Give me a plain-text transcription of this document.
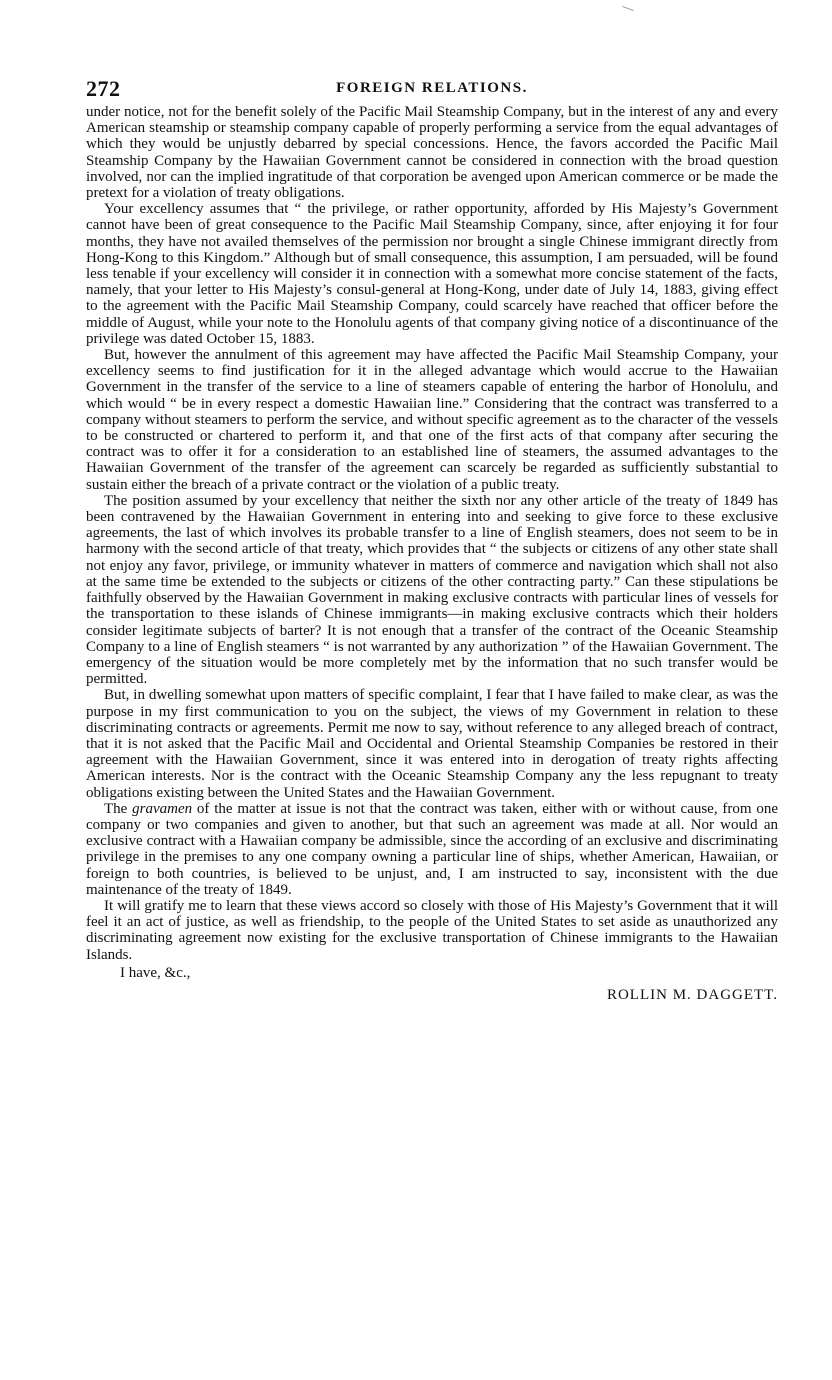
272	FOREIGN RELATIONS.

under notice, not for the benefit solely of the Pacific Mail Steamship Company, but in the interest of any and every American steamship or steamship company capable of properly performing a service from the equal advantages of which they would be unjustly debarred by special concessions. Hence, the favors accorded the Pacific Mail Steamship Company by the Hawaiian Government cannot be considered in connection with the broad question involved, nor can the implied ingratitude of that corporation be avenged upon American commerce or be made the pretext for a violation of treaty obligations.

Your excellency assumes that “ the privilege, or rather opportunity, afforded by His Majesty’s Government cannot have been of great consequence to the Pacific Mail Steamship Company, since, after enjoying it for four months, they have not availed themselves of the permission nor brought a single Chinese immigrant directly from Hong-Kong to this Kingdom.” Although but of small consequence, this assumption, I am persuaded, will be found less tenable if your excellency will consider it in connection with a somewhat more concise statement of the facts, namely, that your letter to His Majesty’s consul-general at Hong-Kong, under date of July 14, 1883, giving effect to the agreement with the Pacific Mail Steamship Company, could scarcely have reached that officer before the middle of August, while your note to the Honolulu agents of that company giving notice of a discontinuance of the privilege was dated October 15, 1883.

But, however the annulment of this agreement may have affected the Pacific Mail Steamship Company, your excellency seems to find justification for it in the alleged advantage which would accrue to the Hawaiian Government in the transfer of the service to a line of steamers capable of entering the harbor of Honolulu, and which would “ be in every respect a domestic Hawaiian line.” Considering that the contract was transferred to a company without steamers to perform the service, and without specific agreement as to the character of the vessels to be constructed or chartered to perform it, and that one of the first acts of that company after securing the contract was to offer it for a consideration to an established line of steamers, the assumed advantages to the Hawaiian Government of the transfer of the agreement can scarcely be regarded as sufficiently substantial to sustain either the breach of a private contract or the violation of a public treaty.

The position assumed by your excellency that neither the sixth nor any other article of the treaty of 1849 has been contravened by the Hawaiian Government in entering into and seeking to give force to these exclusive agreements, the last of which involves its probable transfer to a line of English steamers, does not seem to be in harmony with the second article of that treaty, which provides that “ the subjects or citizens of any other state shall not enjoy any favor, privilege, or immunity whatever in matters of commerce and navigation which shall not also at the same time be extended to the subjects or citizens of the other contracting party.” Can these stipulations be faithfully observed by the Hawaiian Government in making exclusive contracts with particular lines of vessels for the transportation to these islands of Chinese immigrants—in making exclusive contracts which their holders consider legitimate subjects of barter? It is not enough that a transfer of the contract of the Oceanic Steamship Company to a line of English steamers “ is not warranted by any authorization ” of the Hawaiian Government. The emergency of the situation would be more completely met by the information that no such transfer would be permitted.

But, in dwelling somewhat upon matters of specific complaint, I fear that I have failed to make clear, as was the purpose in my first communication to you on the subject, the views of my Government in relation to these discriminating contracts or agreements. Permit me now to say, without reference to any alleged breach of contract, that it is not asked that the Pacific Mail and Occidental and Oriental Steamship Companies be restored in their agreement with the Hawaiian Government, since it was entered into in derogation of treaty rights affecting American interests. Nor is the contract with the Oceanic Steamship Company any the less repugnant to treaty obligations existing between the United States and the Hawaiian Government.

The gravamen of the matter at issue is not that the contract was taken, either with or without cause, from one company or two companies and given to another, but that such an agreement was made at all. Nor would an exclusive contract with a Hawaiian company be admissible, since the according of an exclusive and discriminating privilege in the premises to any one company owning a particular line of ships, whether American, Hawaiian, or foreign to both countries, is believed to be unjust, and, I am instructed to say, inconsistent with the due maintenance of the treaty of 1849.

It will gratify me to learn that these views accord so closely with those of His Majesty’s Government that it will feel it an act of justice, as well as friendship, to the people of the United States to set aside as unauthorized any discriminating agreement now existing for the exclusive transportation of Chinese immigrants to the Hawaiian Islands.

I have, &c.,
ROLLIN M. DAGGETT.
